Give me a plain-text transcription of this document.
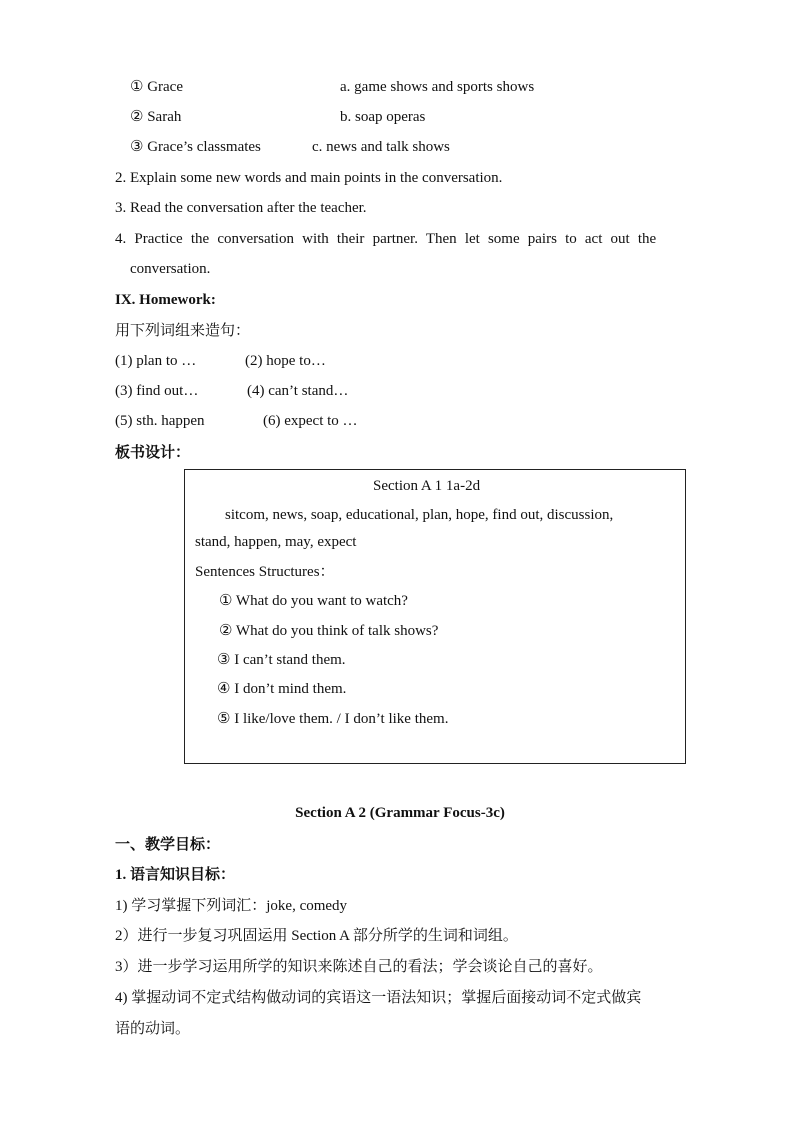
① Grace	a. game shows and sports shows
② Sarah	b. soap operas
③ Grace’s classmates	c. news and talk shows
2. Explain some new words and main points in the conversation.
3. Read the conversation after the teacher.
4. Practice the conversation with their partner. Then let some pairs to act out the
conversation.
IX. Homework:
用下列词组来造句：
(1) plan to …	(2) hope to…
(3) find out…	(4) can’t stand…
(5) sth. happen	(6) expect to …
板书设计：
Section A 1 1a-2d
sitcom, news, soap, educational, plan, hope, find out, discussion,
stand, happen, may, expect
Sentences Structures：
① What do you want to watch?
② What do you think of talk shows?
③ I can’t stand them.
④ I don’t mind them.
⑤ I like/love them. / I don’t like them.
Section A 2 (Grammar Focus-3c)
一、教学目标：
1. 语言知识目标：
1) 学习掌握下列词汇：joke, comedy
2）进行一步复习巩固运用 Section A 部分所学的生词和词组。
3）进一步学习运用所学的知识来陈述自己的看法；学会谈论自己的喜好。
4) 掌握动词不定式结构做动词的宾语这一语法知识；掌握后面接动词不定式做宾
语的动词。
